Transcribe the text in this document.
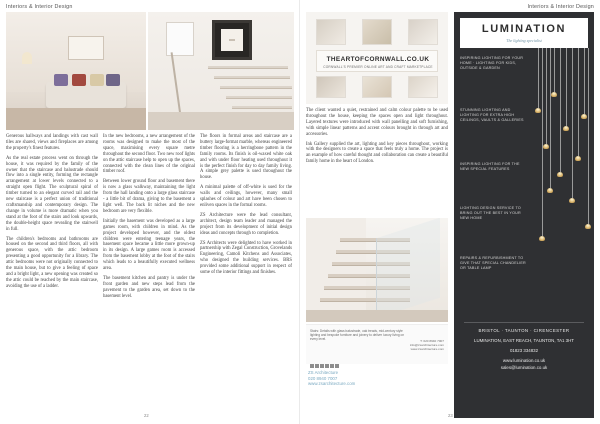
Interiors & Interior Design

Generous hallways and landings with cast wall tiles are shared, views and fireplaces are among the property's finest features.

As the real estate process went on through the house, it was required by the family of the owner that the staircase and balustrade should flow into a single entity, forming the rectangle arrangement at lower levels connected to a straight open flight. The sculptural spiral of timber turned to an elegant curved rail and the new staircase is a perfect union of traditional craftsmanship and contemporary design. The change in volume is more dramatic when you stand at the foot of the stairs and look upwards, the double-height space revealing the stairwell in full.

The children's bedrooms and bathrooms are housed on the second and third floors, all with generous space, with the attic bedroom presenting a good opportunity for a library. The attic bedrooms were not originally connected to the main house, but to give a feeling of space and a bright light, a new opening was created so the attic could be reached by the main staircase, avoiding the use of a ladder.

In the new bedrooms, a new arrangement of the rooms was designed to make the most of the space, maximising every square metre throughout the second floor. Two new roof lights on the attic staircase help to open up the spaces, connected with the clean lines of the original timber roof.

Between lower ground floor and basement there is now a glass walkway, maintaining the light from the hall landing onto a large glass staircase - a little bit of drama, giving to the basement a light well. The back lit niches and the new bedroom are very flexible.

Initially the basement was developed as a large games room, with children in mind. As the project developed however, and the oldest children were entering teenage years, the basement space became a little more grown-up in its design. A large games room is accessed from the basement lobby at the foot of the stairs which leads to a beautifully executed wellness area.

The basement kitchen and pantry is under the front garden and new steps lead from the pavement to the garden area, set down to the basement level.

The floors in formal areas and staircase are a buttery large-format marble, whereas engineered timber flooring is a herringbone pattern in the family rooms. Its finish is oil-waxed white oak and with under floor heating used throughout it is the perfect finish for day to day family living. A simple grey palette is used throughout the house.

A minimal palette of off-white is used for the walls and ceilings, however, many small splashes of colour and art have been chosen to enliven spaces in the formal rooms.

ZS Architecture were the lead consultant, architect, design team leader and managed the project from its development of initial design ideas and concepts through to completion.

ZS Architects were delighted to have worked in partnership with Zegal Construction, Grovelands Engineering, Camoli Kitchens and Associates, who designed the building services. BRS provided some additional support in respect of some of the interior fittings and finishes.

22
Interiors & Interior Design
THEARTOFCORNWALL.CO.UK
CORNWALL'S PREMIER ONLINE ART AND CRAFT MARKETPLACE

The client wanted a quiet, restrained and calm colour palette to be used throughout the house, keeping the spaces open and light throughout. Layered textures were introduced with wall panelling and soft furnishing, with simple linear patterns and accent colours brought in through art and accessories.

Ink Gallery supplied the art, lighting and key pieces throughout, working with the designers to create a space that feels truly a home. The project is an example of how careful thought and collaboration can create a beautiful family home in the heart of London.

Stairs: Details with glass balustrade, oak treads, mid-century style lighting and bespoke furniture and joinery to deliver luxury living on every level.	T: 020 8940 7007
info@zsarchitecture.com
www.zsarchitecture.com
ZS Architecture
020 8940 7007
www.zsarchitecture.com
LUMINATION
The lighting specialist
INSPIRING LIGHTING FOR YOUR HOME · LIGHTING FOR KIDS, OUTSIDE & GARDEN
STUNNING LIGHTING AND LIGHTING FOR EXTRA HIGH CEILINGS, VAULTS & GALLERIES
INSPIRING LIGHTING FOR THE NEW SPECIAL FEATURES
LIGHTING DESIGN SERVICE TO BRING OUT THE BEST IN YOUR NEW HOME
REPAIRS & REFURBISHMENT TO GIVE THAT SPECIAL CHANDELIER OR TABLE LAMP
BRISTOL · TAUNTON · CIRENCESTER
LUMINATION, EAST REACH, TAUNTON, TA1 3HT
01823 334832
www.lumination.co.uk
sales@lumination.co.uk
23
